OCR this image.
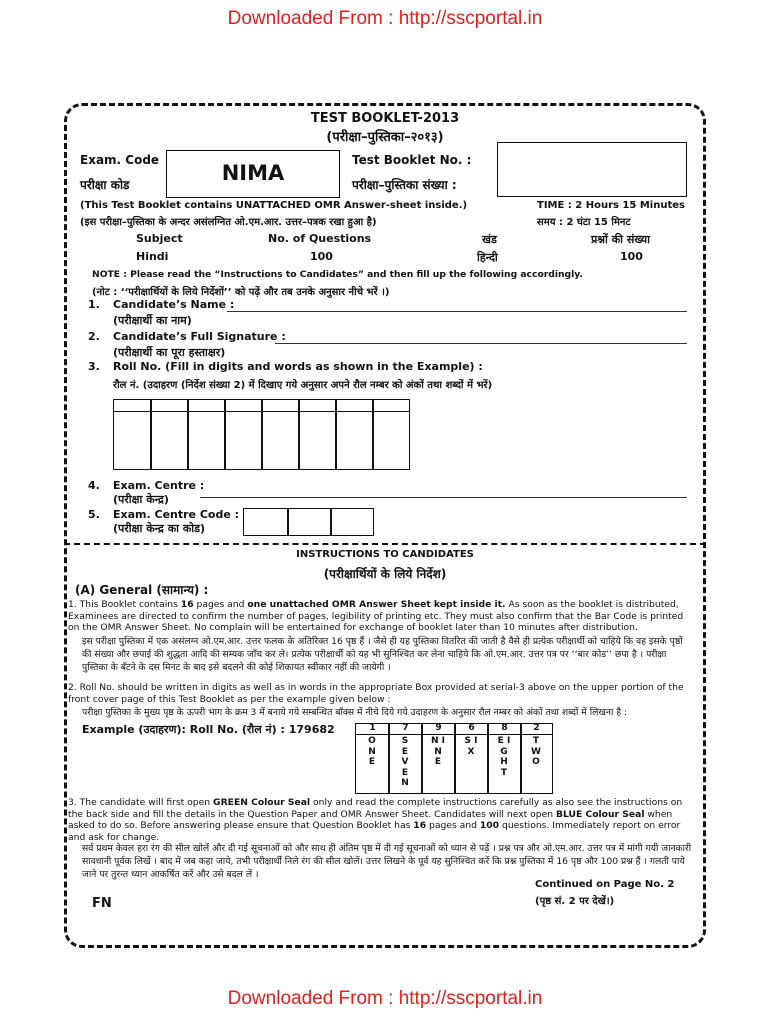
Downloaded From : http://sscportal.in
TEST BOOKLET-2013
(परीक्षा–पुस्तिका–२०१३)
Exam. Code
परीक्षा कोड	NIMA
Test Booklet No. :
परीक्षा–पुस्तिका संख्या :
(This Test Booklet contains UNATTACHED OMR Answer-sheet inside.)
(इस परीक्षा–पुस्तिका के अन्दर असंलग्नित ओ.एम.आर. उत्तर–पत्रक रखा हुआ है)
TIME : 2 Hours 15 Minutes
समय : 2 घंटा 15 मिनट
Subject	No. of Questions	खंड	प्रश्नों की संख्या
Hindi	100	हिन्दी	100
NOTE : Please read the “Instructions to Candidates” and then fill up the following accordingly.
(नोट : ‘‘परीक्षार्थियों के लिये निर्देशों’’ को पढ़ें और तब उनके अनुसार नीचे भरें ।)
1. Candidate’s Name :
(परीक्षार्थी का नाम)
2. Candidate’s Full Signature :
(परीक्षार्थी का पूरा हस्ताक्षर)
3. Roll No. (Fill in digits and words as shown in the Example) :
रौल नं. (उदाहरण (निर्देश संख्या 2) में दिखाए गये अनुसार अपने रौल नम्बर को अंकों तथा शब्दों में भरें)
4. Exam. Centre :
(परीक्षा केन्द्र)
5. Exam. Centre Code :
(परीक्षा केन्द्र का कोड)
INSTRUCTIONS TO CANDIDATES
(परीक्षार्थियों के लिये निर्देश)
(A) General (सामान्य) :
1. This Booklet contains 16 pages and one unattached OMR Answer Sheet kept inside it. As soon as the booklet is distributed, Examinees are directed to confirm the number of pages, legibility of printing etc. They must also confirm that the Bar Code is printed on the OMR Answer Sheet. No complain will be entertained for exchange of booklet later than 10 minutes after distribution.
इस परीक्षा पुस्तिका में एक असंलग्न ओ.एम.आर. उत्तर फलक के अतिरिक्त 16 पृष्ठ हैं । जैसे ही यह पुस्तिका वितरित की जाती है वैसे ही प्रत्येक परीक्षार्थी को चाहिये कि वह इसके पृष्ठों की संख्या और छपाई की शुद्धता आदि की सम्यक जाँच कर ले। प्रत्येक परीक्षार्थी को यह भी सुनिश्चित कर लेना चाहिये कि ओ.एम.आर. उत्तर पत्र पर ‘‘बार कोड’’ छपा है । परीक्षा पुस्तिका के बँटने के दस मिनट के बाद इसे बदलने की कोई शिकायत स्वीकार नहीं की जायेगी ।
2. Roll No. should be written in digits as well as in words in the appropriate Box provided at serial-3 above on the upper portion of the front cover page of this Test Booklet as per the example given below :
परीक्षा पुस्तिका के मुख्य पृष्ठ के ऊपरी भाग के क्रम 3 में बनाये गये सम्बन्धित बॉक्स में नीचे दिये गये उदाहरण के अनुसार रौल नम्बर को अंकों तथा शब्दों में लिखना है :
Example (उदाहरण): Roll No. (रौल नं) : 179682	1	7	9	6	8	2
O N E
S E V E N
N I N E
S I X
E I G H T
T W O
3. The candidate will first open GREEN Colour Seal only and read the complete instructions carefully as also see the instructions on the back side and fill the details in the Question Paper and OMR Answer Sheet. Candidates will next open BLUE Colour Seal when asked to do so. Before answering please ensure that Question Booklet has 16 pages and 100 questions. Immediately report on error and ask for change.
सर्व प्रथम केवल हरा रंग की सील खोलें और दी गई सूचनाओं को और साथ ही अंतिम पृष्ठ में दी गई सूचनाओं को ध्यान से पढ़ें । प्रश्न पत्र और ओ.एम.आर. उत्तर पत्र में मांगी गयी जानकारी सावधानी पूर्वक लिखें । बाद में जब कहा जाये, तभी परीक्षार्थी निले रंग की सील खोलें। उत्तर लिखने के पूर्व यह सुनिश्चित करें कि प्रश्न पुस्तिका में 16 पृष्ठ और 100 प्रश्न हैं । गलती पाये जाने पर तुरन्त ध्यान आकर्षित करें और उसे बदल लें ।
Continued on Page No. 2
(पृष्ठ सं. 2 पर देखें।)
FN
Downloaded From : http://sscportal.in
